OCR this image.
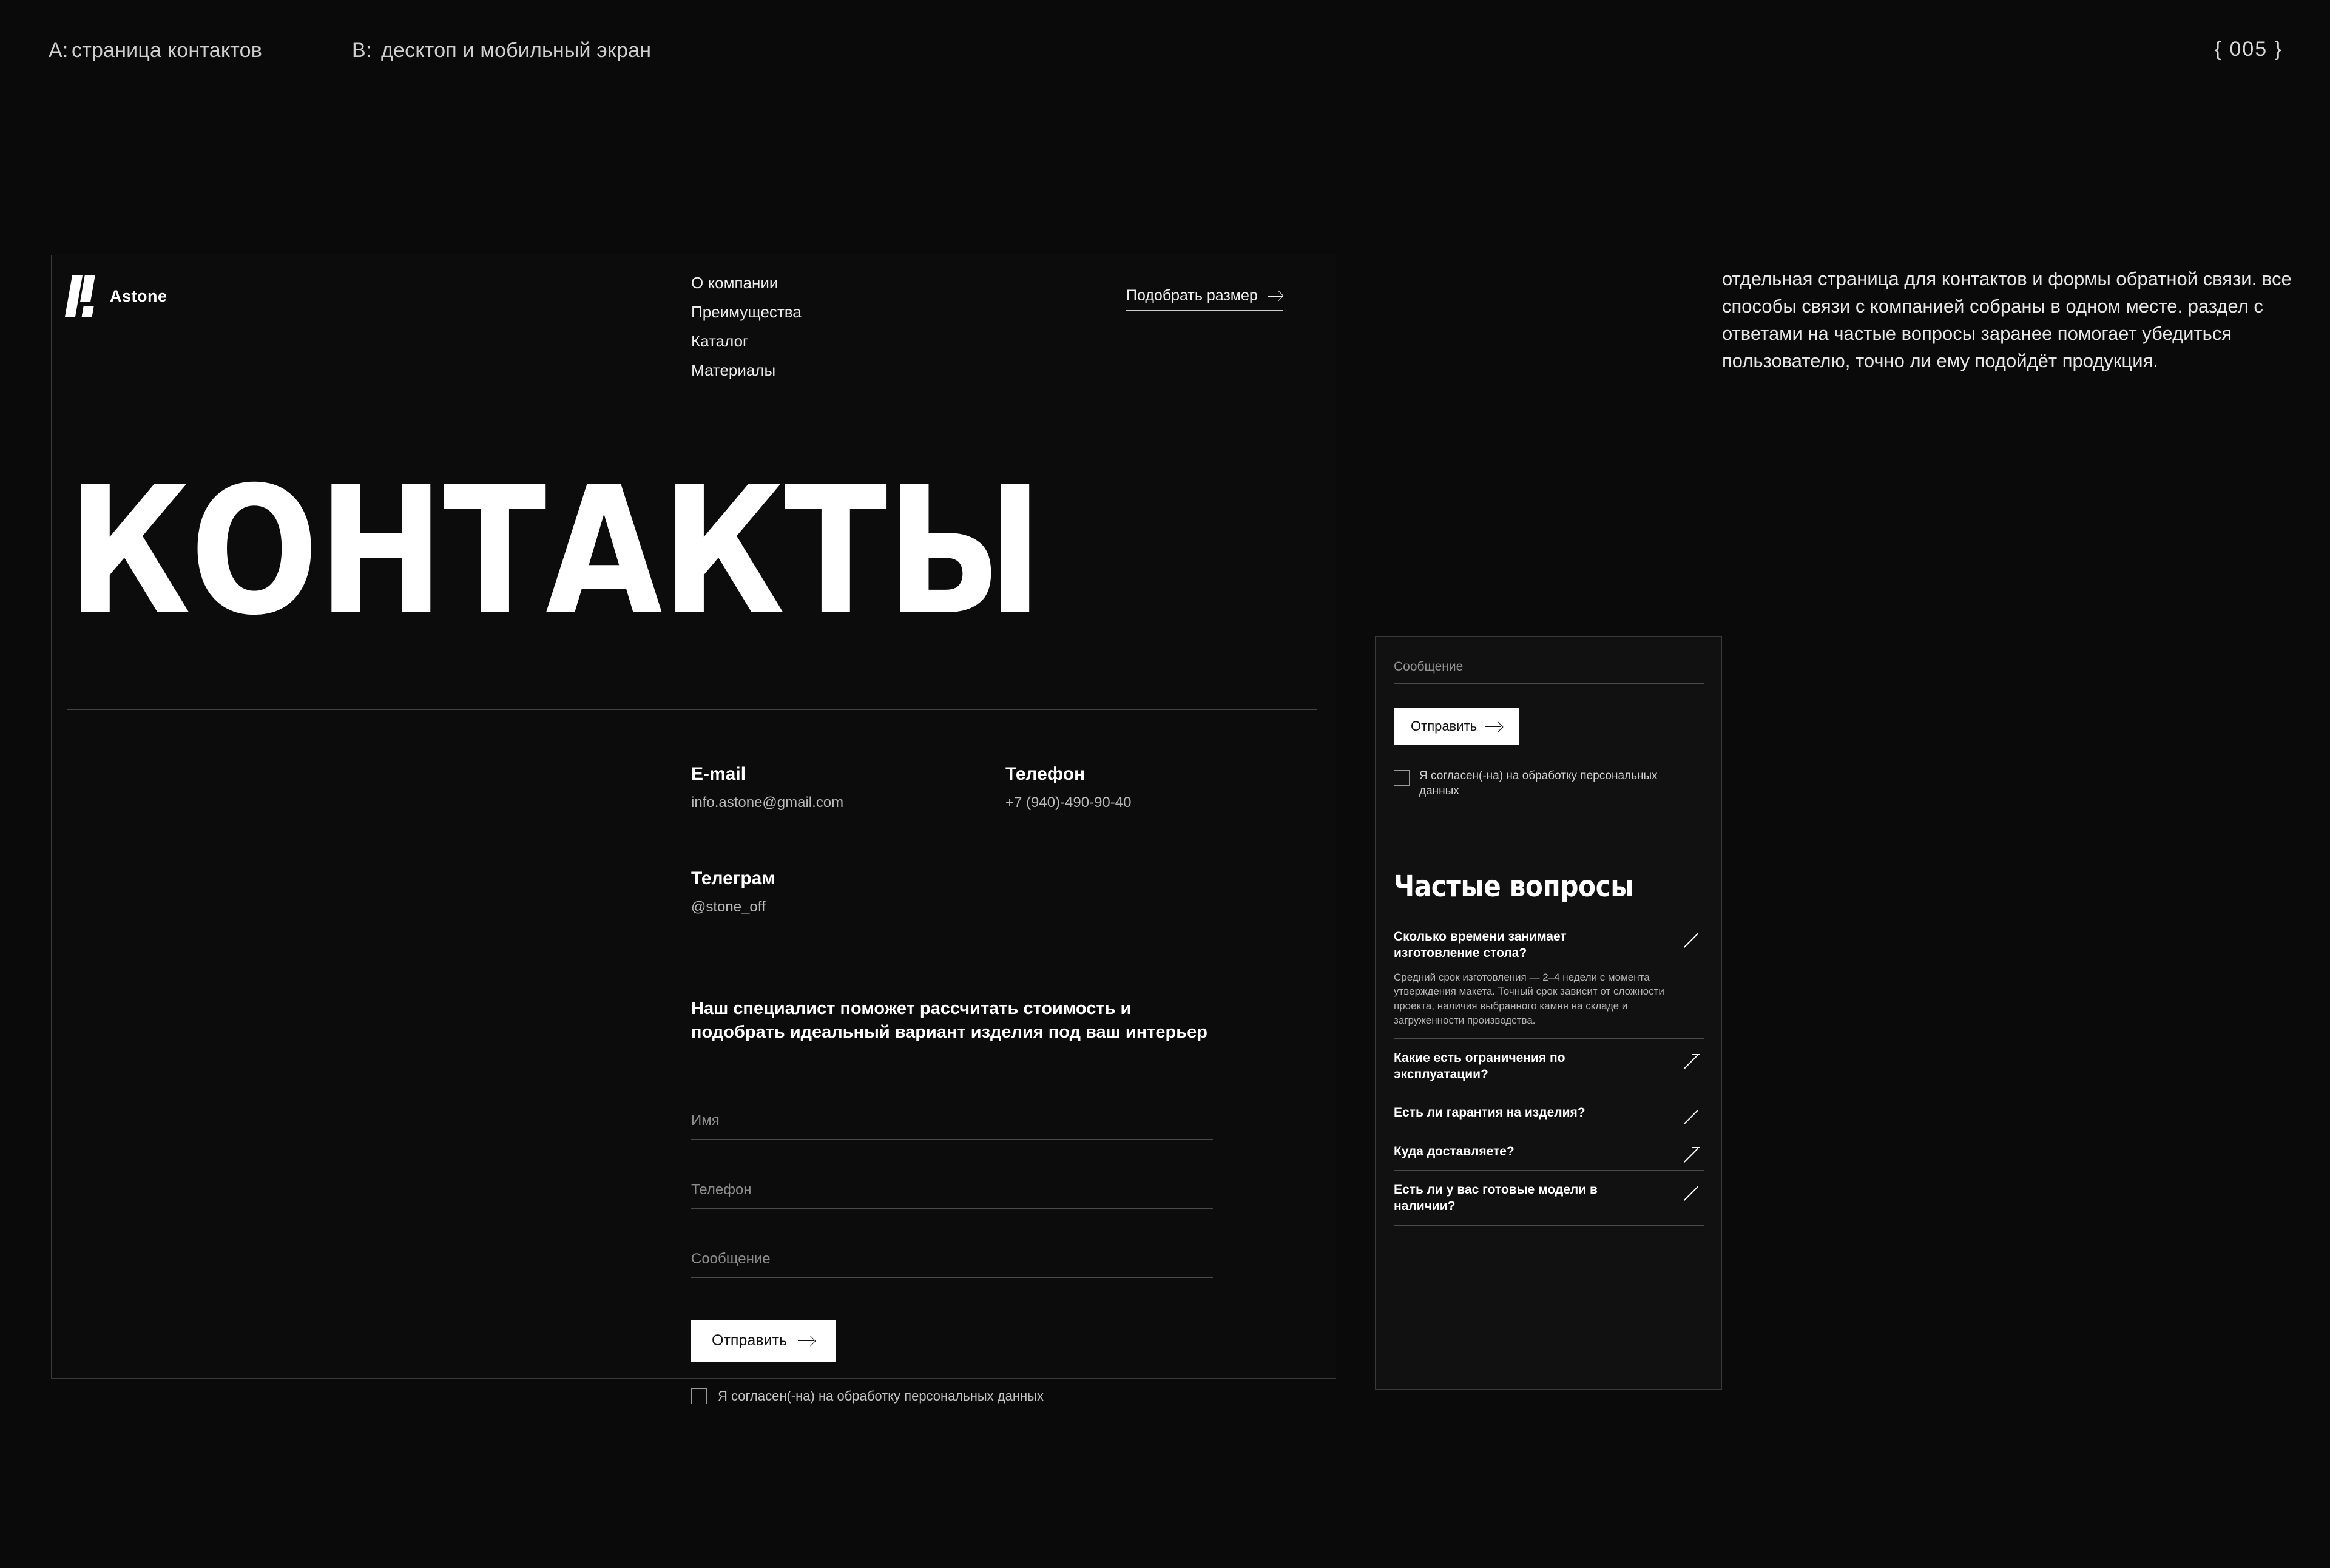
A: страница контактов	B: десктоп и мобильный экран	{ 005 }
отдельная страница для контактов и формы обратной связи. все способы связи с компанией собраны в одном месте. раздел с ответами на частые вопросы заранее помогает убедиться пользователю, точно ли ему подойдёт продукция.
Astone
О компании
Преимущества
Каталог
Материалы
Подобрать размер
КОНТАКТЫ
E-mail
info.astone@gmail.com
Телефон
+7 (940)-490-90-40
Телеграм
@stone_off
Наш специалист поможет рассчитать стоимость и подобрать идеальный вариант изделия под ваш интерьер
Имя
Телефон
Сообщение
Отправить
Я согласен(-на) на обработку персональных данных
Сообщение
Отправить
Я согласен(-на) на обработку персональных данных
Частые вопросы
Сколько времени занимает изготовление стола?
Средний срок изготовления — 2–4 недели с момента утверждения макета. Точный срок зависит от сложности проекта, наличия выбранного камня на складе и загруженности производства.
Какие есть ограничения по эксплуатации?
Есть ли гарантия на изделия?
Куда доставляете?
Есть ли у вас готовые модели в наличии?
